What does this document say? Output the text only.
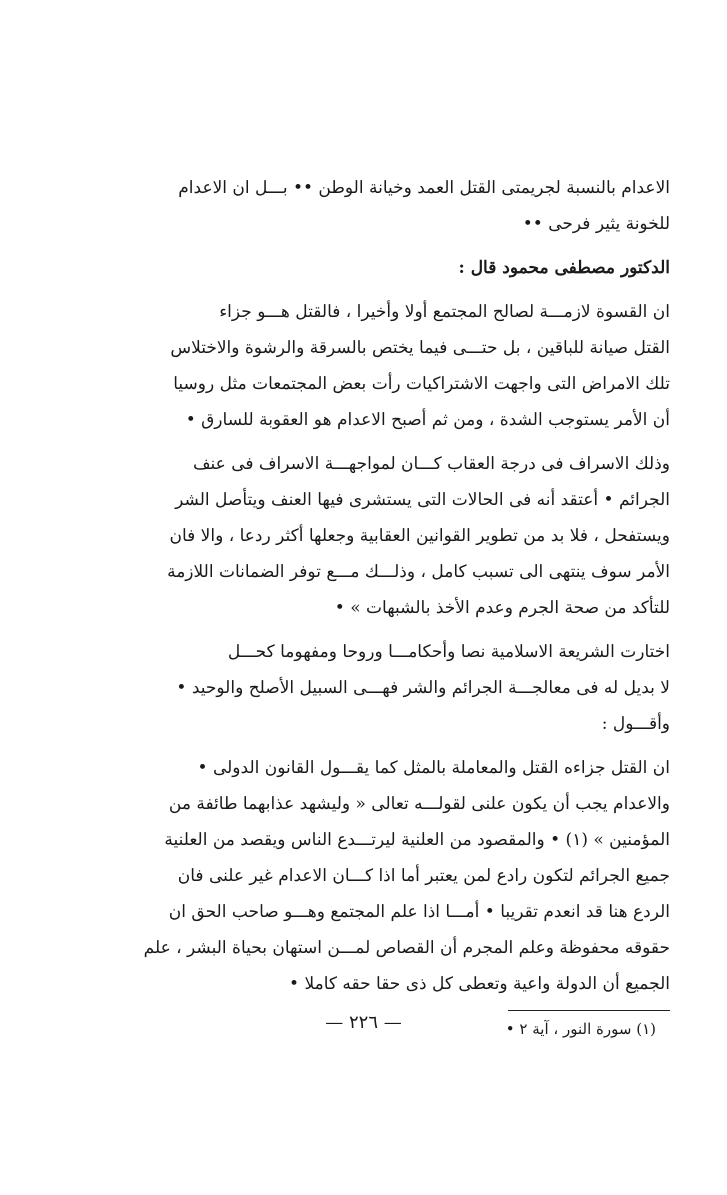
الاعدام بالنسبة لجريمتى القتل العمد وخيانة الوطن •• بـــل ان الاعدام

للخونة يثير فرحى ••

الدكتور مصطفى محمود قال :

ان القسوة لازمـــة لصالح المجتمع أولا وأخيرا ، فالقتل هـــو جزاء

القتل صيانة للباقين ، بل حتـــى فيما يختص بالسرقة والرشوة والاختلاس

تلك الامراض التى واجهت الاشتراكيات رأت بعض المجتمعات مثل روسيا

أن الأمر يستوجب الشدة ، ومن ثم أصبح الاعدام هو العقوبة للسارق •

وذلك الاسراف فى درجة العقاب كـــان لمواجهـــة الاسراف فى عنف

الجرائم • أعتقد أنه فى الحالات التى يستشرى فيها العنف ويتأصل الشر

ويستفحل ، فلا بد من تطوير القوانين العقابية وجعلها أكثر ردعا ، والا فان

الأمر سوف ينتهى الى تسبب كامل ، وذلـــك مـــع توفر الضمانات اللازمة

للتأكد من صحة الجرم وعدم الأخذ بالشبهات » •

اختارت الشريعة الاسلامية نصا وأحكامـــا وروحا ومفهوما كحـــل

لا بديل له فى معالجـــة الجرائم والشر فهـــى السبيل الأصلح والوحيد •

وأقـــول :

ان القتل جزاءه القتل والمعاملة بالمثل كما يقـــول القانون الدولى •

والاعدام يجب أن يكون علنى لقولـــه تعالى « وليشهد عذابهما طائفة من

المؤمنين » (١) • والمقصود من العلنية ليرتـــدع الناس ويقصد من العلنية

جميع الجرائم لتكون رادع لمن يعتبر أما اذا كـــان الاعدام غير علنى فان

الردع هنا قد انعدم تقريبا • أمـــا اذا علم المجتمع وهـــو صاحب الحق ان

حقوقه محفوظة وعلم المجرم أن القصاص لمـــن استهان بحياة البشر ، علم

الجميع أن الدولة واعية وتعطى كل ذى حقا حقه كاملا •

(١) سورة النور ، آية ٢ •
— ٢٢٦ —
